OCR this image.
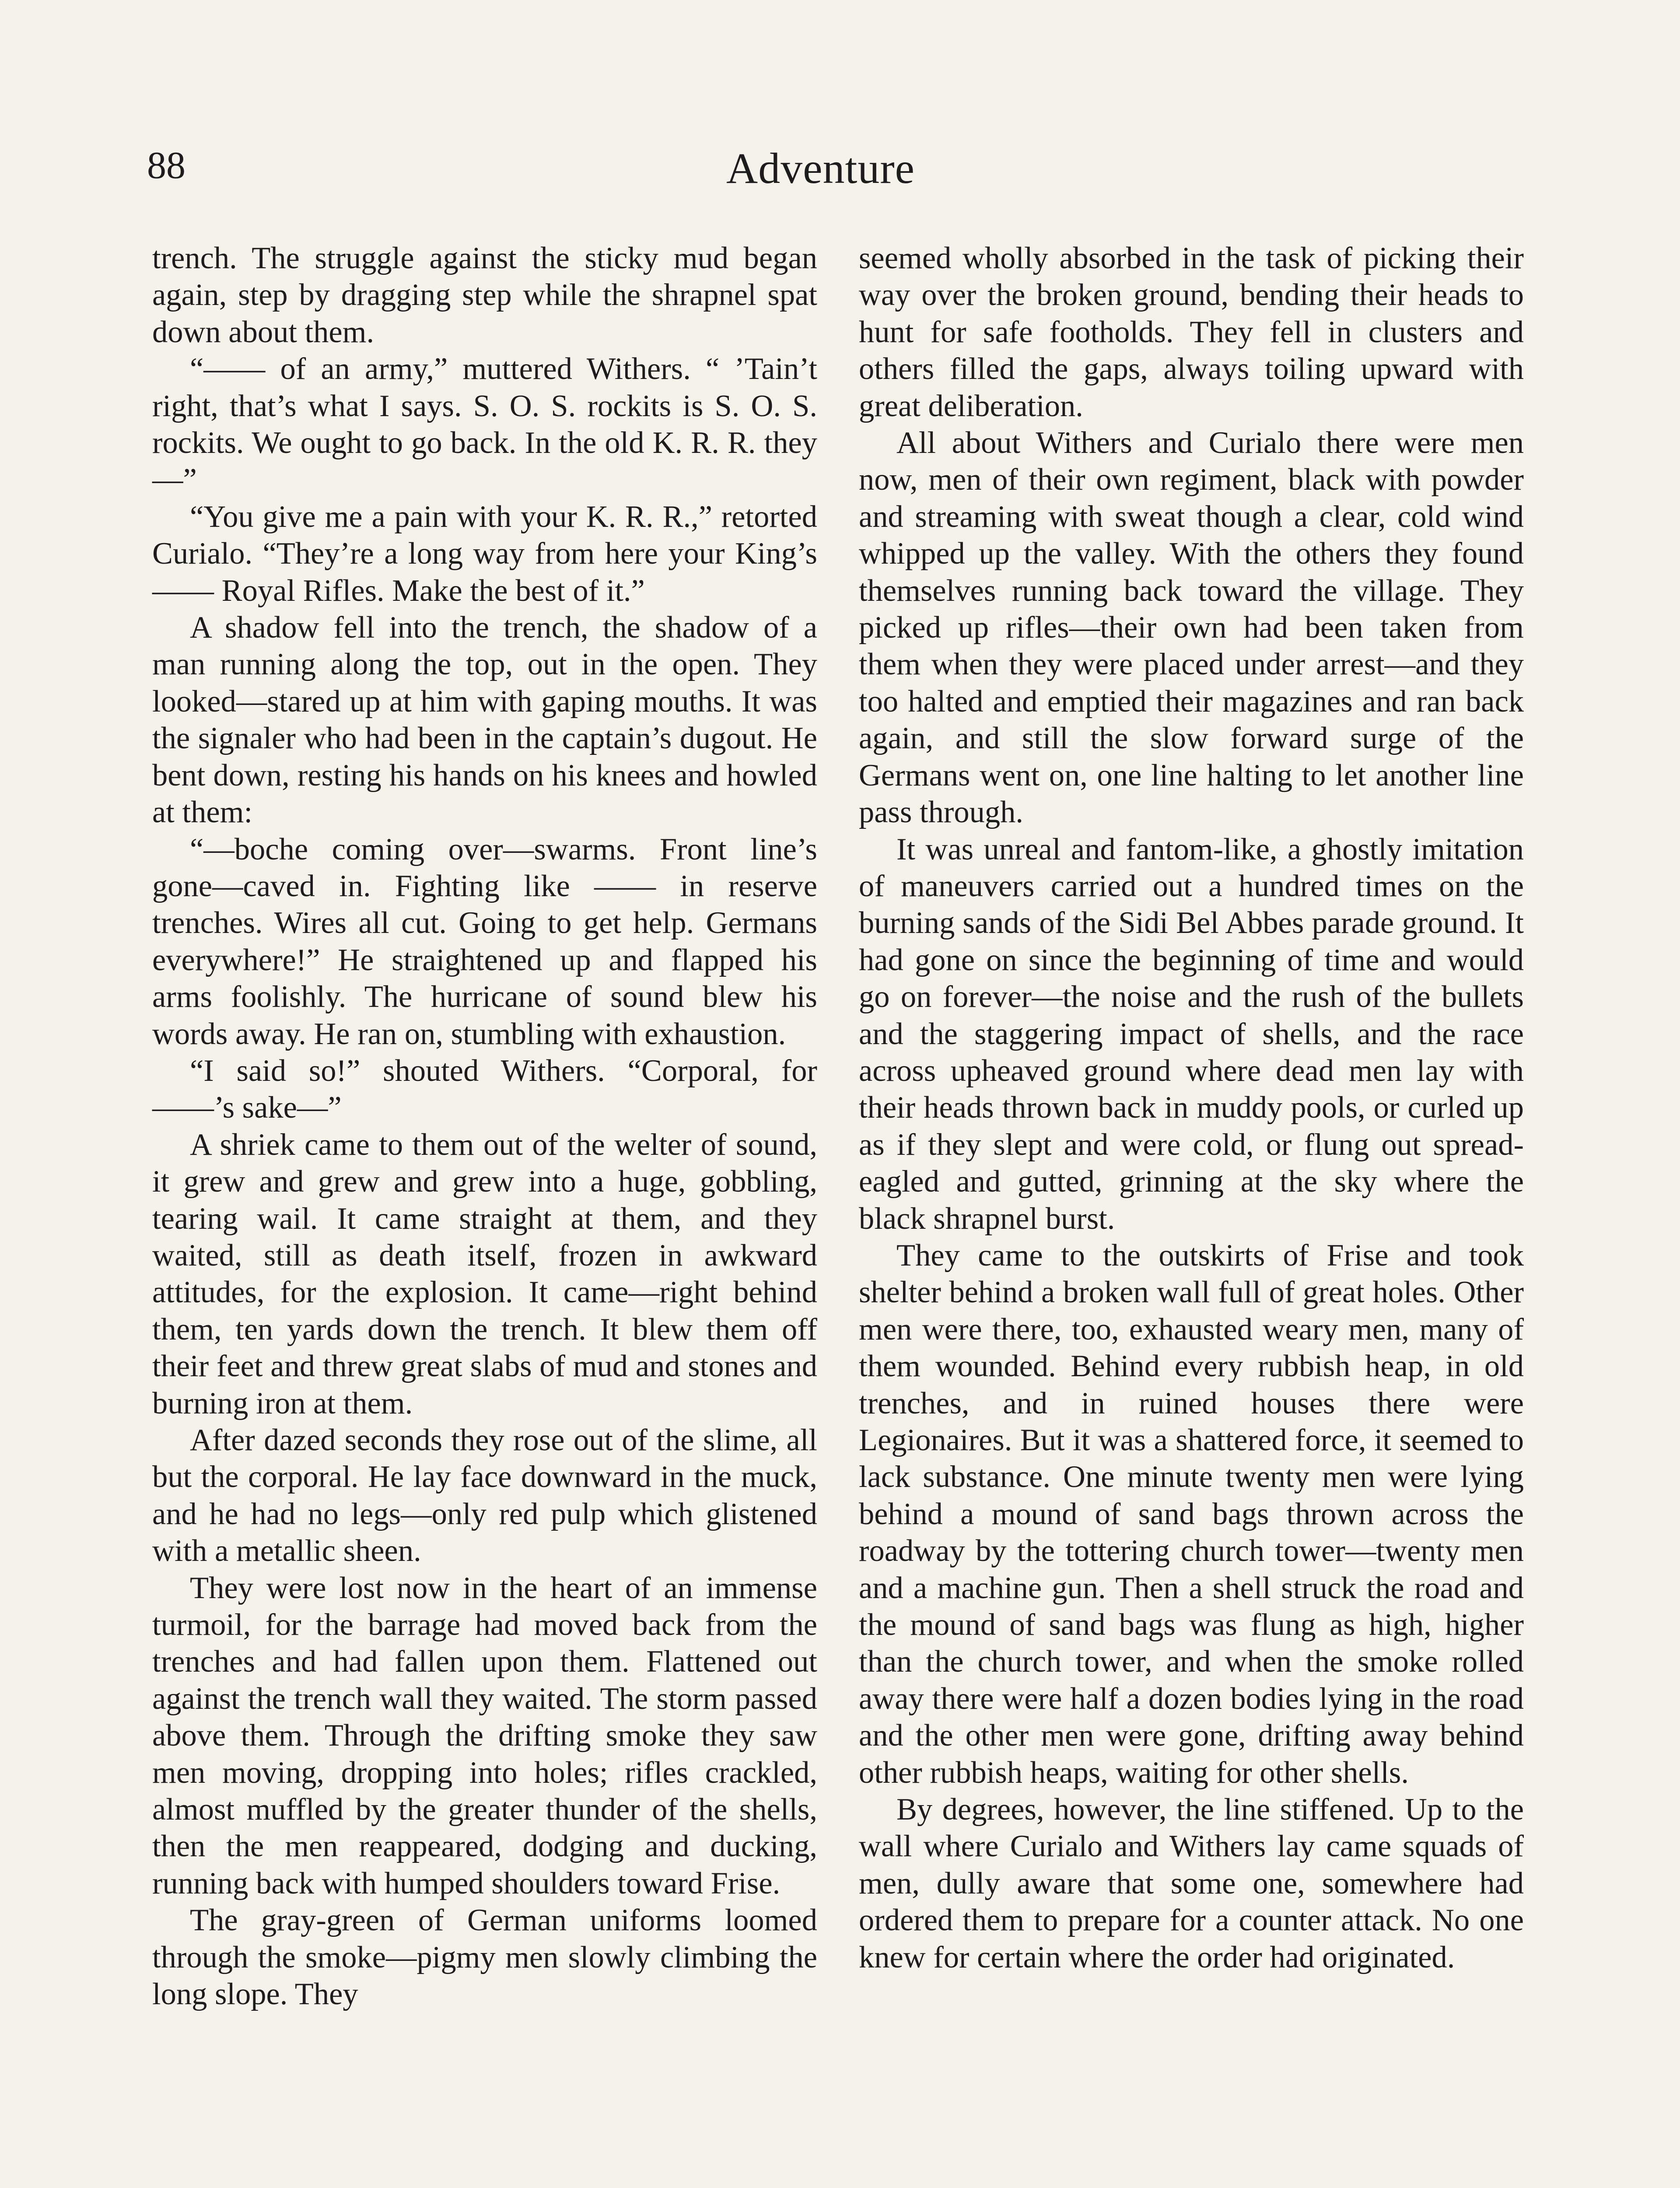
88	Adventure

trench. The struggle against the sticky mud began again, step by dragging step while the shrapnel spat down about them.

“—— of an army,” muttered Withers. “ ’Tain’t right, that’s what I says. S. O. S. rockits is S. O. S. rockits. We ought to go back. In the old K. R. R. they—”

“You give me a pain with your K. R. R.,” retorted Curialo. “They’re a long way from here your King’s —— Royal Rifles. Make the best of it.”

A shadow fell into the trench, the shadow of a man running along the top, out in the open. They looked—stared up at him with gaping mouths. It was the signaler who had been in the captain’s dugout. He bent down, resting his hands on his knees and howled at them:

“—boche coming over—swarms. Front line’s gone—caved in. Fighting like —— in reserve trenches. Wires all cut. Going to get help. Germans everywhere!” He straightened up and flapped his arms foolishly. The hurricane of sound blew his words away. He ran on, stumbling with exhaustion.

“I said so!” shouted Withers. “Corporal, for ——’s sake—”

A shriek came to them out of the welter of sound, it grew and grew and grew into a huge, gobbling, tearing wail. It came straight at them, and they waited, still as death itself, frozen in awkward attitudes, for the explosion. It came—right behind them, ten yards down the trench. It blew them off their feet and threw great slabs of mud and stones and burning iron at them.

After dazed seconds they rose out of the slime, all but the corporal. He lay face downward in the muck, and he had no legs—only red pulp which glistened with a metallic sheen.

They were lost now in the heart of an immense turmoil, for the barrage had moved back from the trenches and had fallen upon them. Flattened out against the trench wall they waited. The storm passed above them. Through the drifting smoke they saw men moving, dropping into holes; rifles crackled, almost muffled by the greater thunder of the shells, then the men reappeared, dodging and ducking, running back with humped shoulders toward Frise.

The gray-green of German uniforms loomed through the smoke—pigmy men slowly climbing the long slope. They

seemed wholly absorbed in the task of picking their way over the broken ground, bending their heads to hunt for safe footholds. They fell in clusters and others filled the gaps, always toiling upward with great deliberation.

All about Withers and Curialo there were men now, men of their own regiment, black with powder and streaming with sweat though a clear, cold wind whipped up the valley. With the others they found themselves running back toward the village. They picked up rifles—their own had been taken from them when they were placed under arrest—and they too halted and emptied their magazines and ran back again, and still the slow forward surge of the Germans went on, one line halting to let another line pass through.

It was unreal and fantom-like, a ghostly imitation of maneuvers carried out a hundred times on the burning sands of the Sidi Bel Abbes parade ground. It had gone on since the beginning of time and would go on forever—the noise and the rush of the bullets and the staggering impact of shells, and the race across upheaved ground where dead men lay with their heads thrown back in muddy pools, or curled up as if they slept and were cold, or flung out spread-eagled and gutted, grinning at the sky where the black shrapnel burst.

They came to the outskirts of Frise and took shelter behind a broken wall full of great holes. Other men were there, too, exhausted weary men, many of them wounded. Behind every rubbish heap, in old trenches, and in ruined houses there were Legionaires. But it was a shattered force, it seemed to lack substance. One minute twenty men were lying behind a mound of sand bags thrown across the roadway by the tottering church tower—twenty men and a machine gun. Then a shell struck the road and the mound of sand bags was flung as high, higher than the church tower, and when the smoke rolled away there were half a dozen bodies lying in the road and the other men were gone, drifting away behind other rubbish heaps, waiting for other shells.

By degrees, however, the line stiffened. Up to the wall where Curialo and Withers lay came squads of men, dully aware that some one, somewhere had ordered them to prepare for a counter attack. No one knew for certain where the order had originated.
